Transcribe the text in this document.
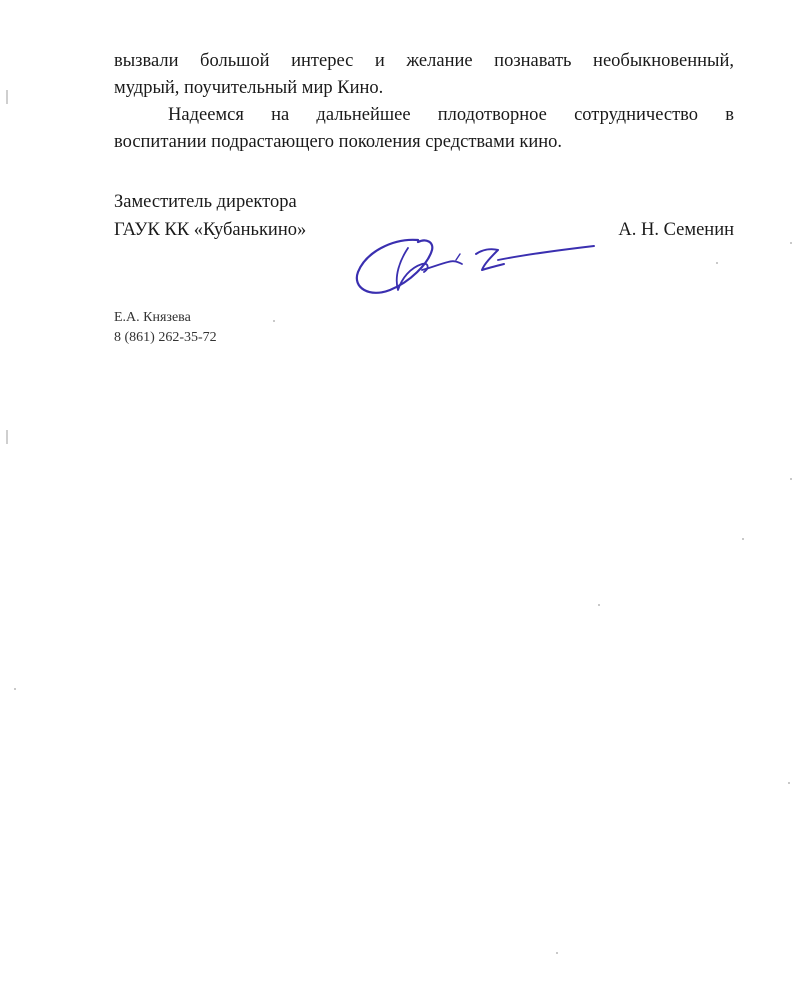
вызвали большой интерес и желание познавать необыкновенный,
мудрый, поучительный мир Кино.

Надеемся на дальнейшее плодотворное сотрудничество в
воспитании подрастающего поколения средствами кино.

Заместитель директора
ГАУК КК «Кубанькино»	А. Н. Семенин
Е.А. Князева
8 (861) 262-35-72
